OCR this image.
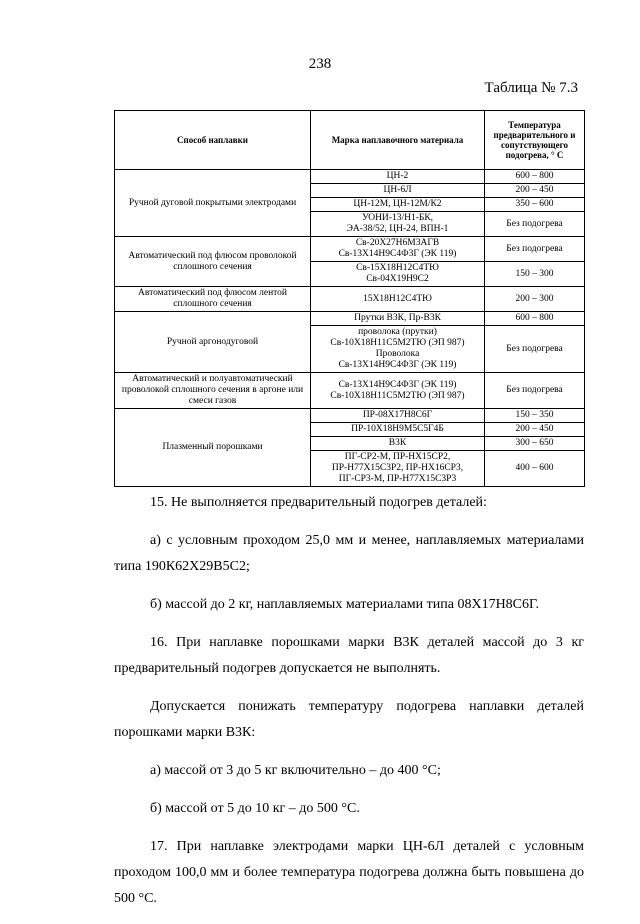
238
Таблица № 7.3
Способ наплавки	Марка наплавочного материала	Температура предварительного и сопутствующего подогрева, ° С
Ручной дуговой покрытыми электродами	ЦН-2	600 – 800

	ЦН-6Л	200 – 450

	ЦН-12М, ЦН-12М/К2	350 – 600

	УОНИ-13/Н1-БК,
ЭА-38/52, ЦН-24, ВПН-1	Без подогрева
Автоматический под флюсом проволокой сплошного сечения	Св-20Х27Н6М3АГВ
Св-13Х14Н9С4Ф3Г (ЭК 119)	Без подогрева

	Св-15Х18Н12С4ТЮ
Св-04Х19Н9С2	150 – 300
Автоматический под флюсом лентой сплошного сечения	15Х18Н12С4ТЮ	200 – 300
Ручной аргонодуговой	Прутки В3К, Пр-В3К	600 – 800

	проволока (прутки)
Св-10Х18Н11С5М2ТЮ (ЭП 987)
Проволока
Св-13Х14Н9С4Ф3Г (ЭК 119)	Без подогрева
Автоматический и полуавтоматический проволокой сплошного сечения в аргоне или смеси газов	Св-13Х14Н9С4Ф3Г (ЭК 119)
Св-10Х18Н11С5М2ТЮ (ЭП 987)	Без подогрева
Плазменный порошками	ПР-08Х17Н8С6Г	150 – 350

	ПР-10Х18Н9М5С5Г4Б	200 – 450

	В3К	300 – 650

	ПГ-СР2-М, ПР-НХ15СР2,
ПР-Н77Х15С3Р2, ПР-НХ16СР3,
ПГ-СР3-М, ПР-Н77Х15С3Р3	400 – 600

15. Не выполняется предварительный подогрев деталей:

а) с условным проходом 25,0 мм и менее, наплавляемых материалами типа 190К62Х29В5С2;

б) массой до 2 кг, наплавляемых материалами типа 08Х17Н8С6Г.

16. При наплавке порошками марки В3К деталей массой до 3 кг предварительный подогрев допускается не выполнять.

Допускается понижать температуру подогрева наплавки деталей порошками марки В3К:

а) массой от 3 до 5 кг включительно – до 400 °С;

б) массой от 5 до 10 кг – до 500 °С.

17. При наплавке электродами марки ЦН-6Л деталей с условным проходом 100,0 мм и более температура подогрева должна быть повышена до 500 °С.
